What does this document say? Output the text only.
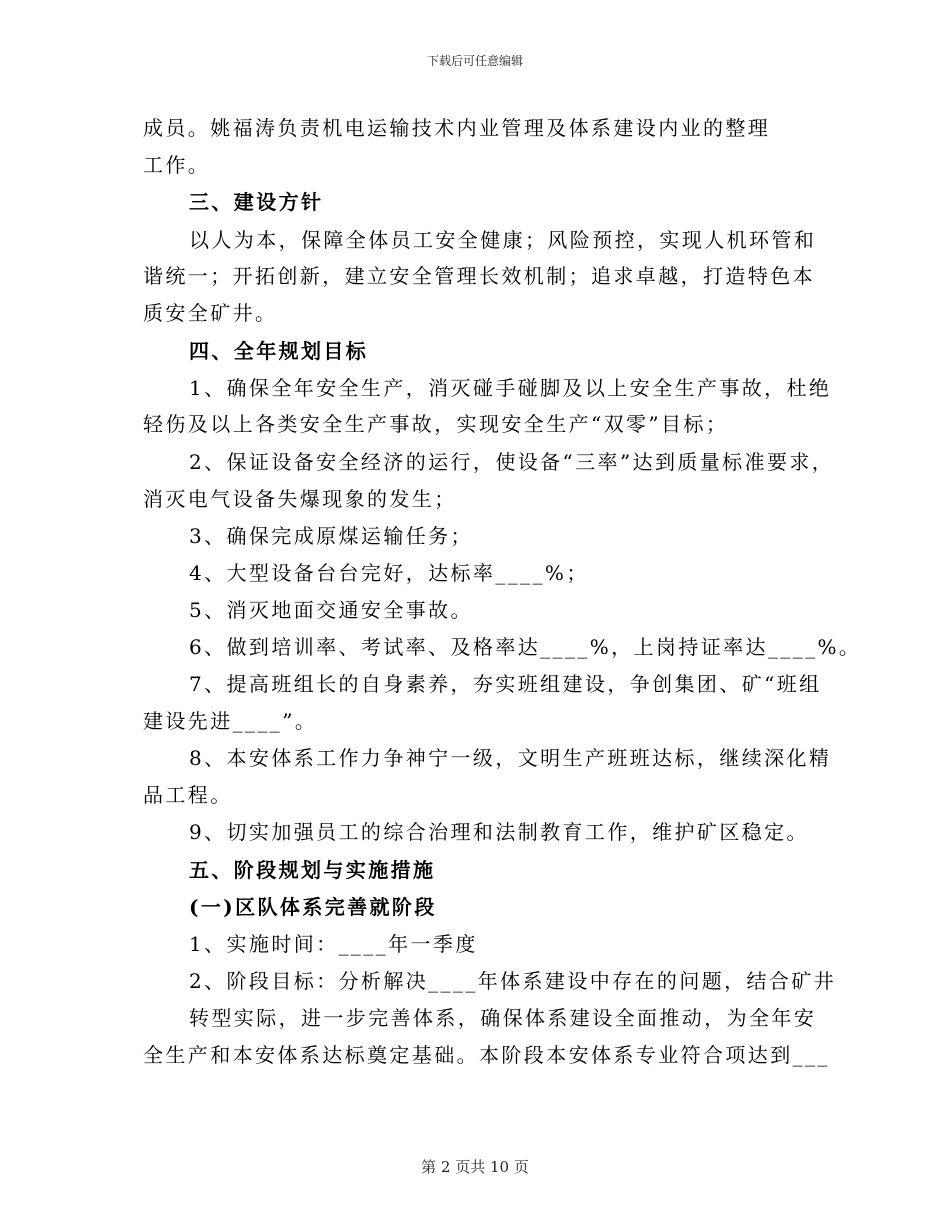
下载后可任意编辑
成员。姚福涛负责机电运输技术内业管理及体系建设内业的整理
工作。
三、建设方针
以人为本，保障全体员工安全健康；风险预控，实现人机环管和
谐统一；开拓创新，建立安全管理长效机制；追求卓越，打造特色本
质安全矿井。
四、全年规划目标
1、确保全年安全生产，消灭碰手碰脚及以上安全生产事故，杜绝
轻伤及以上各类安全生产事故，实现安全生产“双零”目标；
2、保证设备安全经济的运行，使设备“三率”达到质量标准要求，
消灭电气设备失爆现象的发生；
3、确保完成原煤运输任务；
4、大型设备台台完好，达标率____%；
5、消灭地面交通安全事故。
6、做到培训率、考试率、及格率达____%，上岗持证率达____%。
7、提高班组长的自身素养，夯实班组建设，争创集团、矿“班组
建设先进____”。
8、本安体系工作力争神宁一级，文明生产班班达标，继续深化精
品工程。
9、切实加强员工的综合治理和法制教育工作，维护矿区稳定。
五、阶段规划与实施措施
(一)区队体系完善就阶段
1、实施时间：____年一季度
2、阶段目标：分析解决____年体系建设中存在的问题，结合矿井
转型实际，进一步完善体系，确保体系建设全面推动，为全年安
全生产和本安体系达标奠定基础。本阶段本安体系专业符合项达到___
第 2 页共 10 页
